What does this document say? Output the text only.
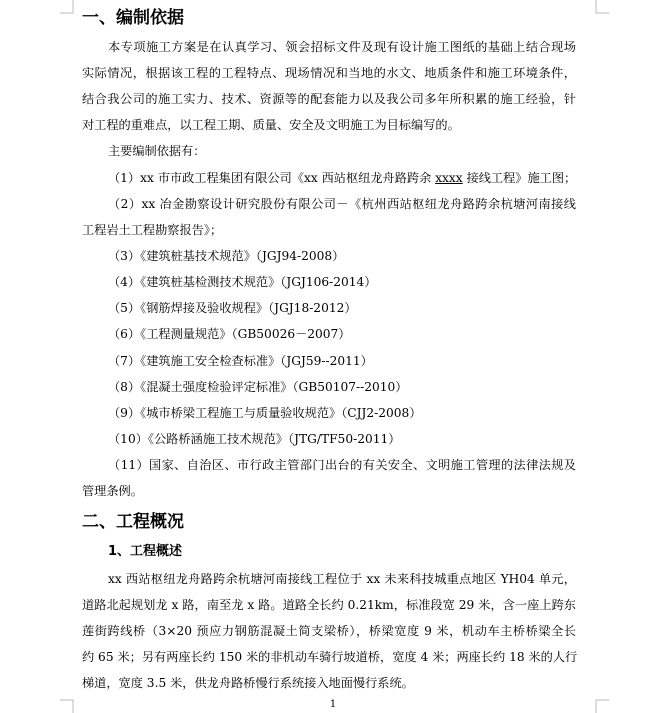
一、编制依据
本专项施工方案是在认真学习、领会招标文件及现有设计施工图纸的基础上结合现场
实际情况，根据该工程的工程特点、现场情况和当地的水文、地质条件和施工环境条件，
结合我公司的施工实力、技术、资源等的配套能力以及我公司多年所积累的施工经验，针
对工程的重难点，以工程工期、质量、安全及文明施工为目标编写的。
主要编制依据有：
（1）xx 市市政工程集团有限公司《xx 西站枢纽龙舟路跨余 xxxx 接线工程》施工图；
（2）xx 冶金勘察设计研究股份有限公司－《杭州西站枢纽龙舟路跨余杭塘河南接线
工程岩土工程勘察报告》；
（3）《建筑桩基技术规范》（JGJ94-2008）
（4）《建筑桩基检测技术规范》（JGJ106-2014）
（5）《钢筋焊接及验收规程》（JGJ18-2012）
（6）《工程测量规范》（GB50026－2007）
（7）《建筑施工安全检查标准》（JGJ59--2011）
（8）《混凝土强度检验评定标准》（GB50107--2010）
（9）《城市桥梁工程施工与质量验收规范》（CJJ2-2008）
（10）《公路桥涵施工技术规范》（JTG/TF50-2011）
（11）国家、自治区、市行政主管部门出台的有关安全、文明施工管理的法律法规及
管理条例。
二、工程概况
1、工程概述
xx 西站枢纽龙舟路跨余杭塘河南接线工程位于 xx 未来科技城重点地区 YH04 单元，
道路北起规划龙 x 路，南至龙 x 路。道路全长约 0.21km，标准段宽 29 米，含一座上跨东
莲街跨线桥（3×20 预应力钢筋混凝土简支梁桥），桥梁宽度 9 米，机动车主桥桥梁全长
约 65 米；另有两座长约 150 米的非机动车骑行坡道桥，宽度 4 米；两座长约 18 米的人行
梯道，宽度 3.5 米，供龙舟路桥慢行系统接入地面慢行系统。
1
